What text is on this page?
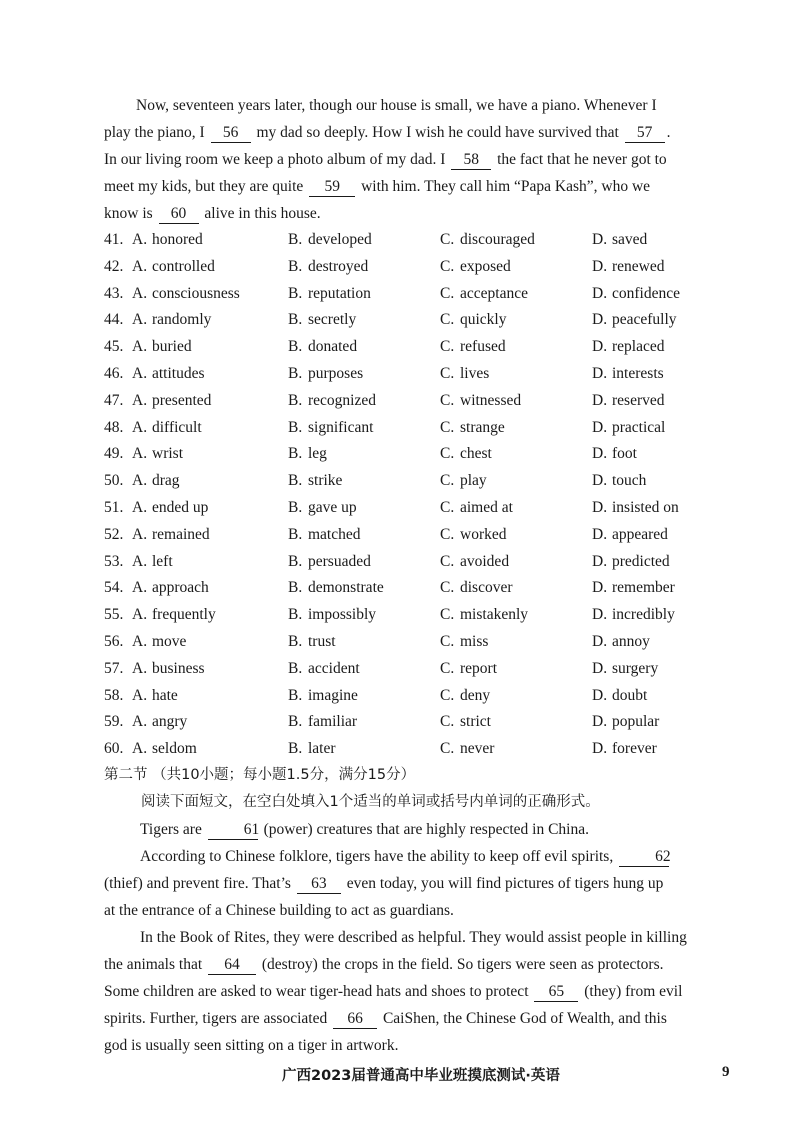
Now, seventeen years later, though our house is small, we have a piano. Whenever I
play the piano, I 56 my dad so deeply. How I wish he could have survived that 57 .
In our living room we keep a photo album of my dad. I 58 the fact that he never got to
meet my kids, but they are quite 59 with him. They call him “Papa Kash”, who we
know is 60 alive in this house.
41. A. honored	B. developed	C. discouraged	D. saved
42. A. controlled	B. destroyed	C. exposed	D. renewed
43. A. consciousness	B. reputation	C. acceptance	D. confidence
44. A. randomly	B. secretly	C. quickly	D. peacefully
45. A. buried	B. donated	C. refused	D. replaced
46. A. attitudes	B. purposes	C. lives	D. interests
47. A. presented	B. recognized	C. witnessed	D. reserved
48. A. difficult	B. significant	C. strange	D. practical
49. A. wrist	B. leg	C. chest	D. foot
50. A. drag	B. strike	C. play	D. touch
51. A. ended up	B. gave up	C. aimed at	D. insisted on
52. A. remained	B. matched	C. worked	D. appeared
53. A. left	B. persuaded	C. avoided	D. predicted
54. A. approach	B. demonstrate	C. discover	D. remember
55. A. frequently	B. impossibly	C. mistakenly	D. incredibly
56. A. move	B. trust	C. miss	D. annoy
57. A. business	B. accident	C. report	D. surgery
58. A. hate	B. imagine	C. deny	D. doubt
59. A. angry	B. familiar	C. strict	D. popular
60. A. seldom	B. later	C. never	D. forever
第二节 （共10小题；每小题1.5分，满分15分）
阅读下面短文，在空白处填入1个适当的单词或括号内单词的正确形式。
Tigers are	61 (power) creatures that are highly respected in China.
According to Chinese folklore, tigers have the ability to keep off evil spirits,	62
(thief) and prevent fire. That’s 63 even today, you will find pictures of tigers hung up
at the entrance of a Chinese building to act as guardians.
In the Book of Rites, they were described as helpful. They would assist people in killing
the animals that 64 (destroy) the crops in the field. So tigers were seen as protectors.
Some children are asked to wear tiger-head hats and shoes to protect 65 (they) from evil
spirits. Further, tigers are associated 66 CaiShen, the Chinese God of Wealth, and this
god is usually seen sitting on a tiger in artwork.
广西2023届普通高中毕业班摸底测试·英语	9
